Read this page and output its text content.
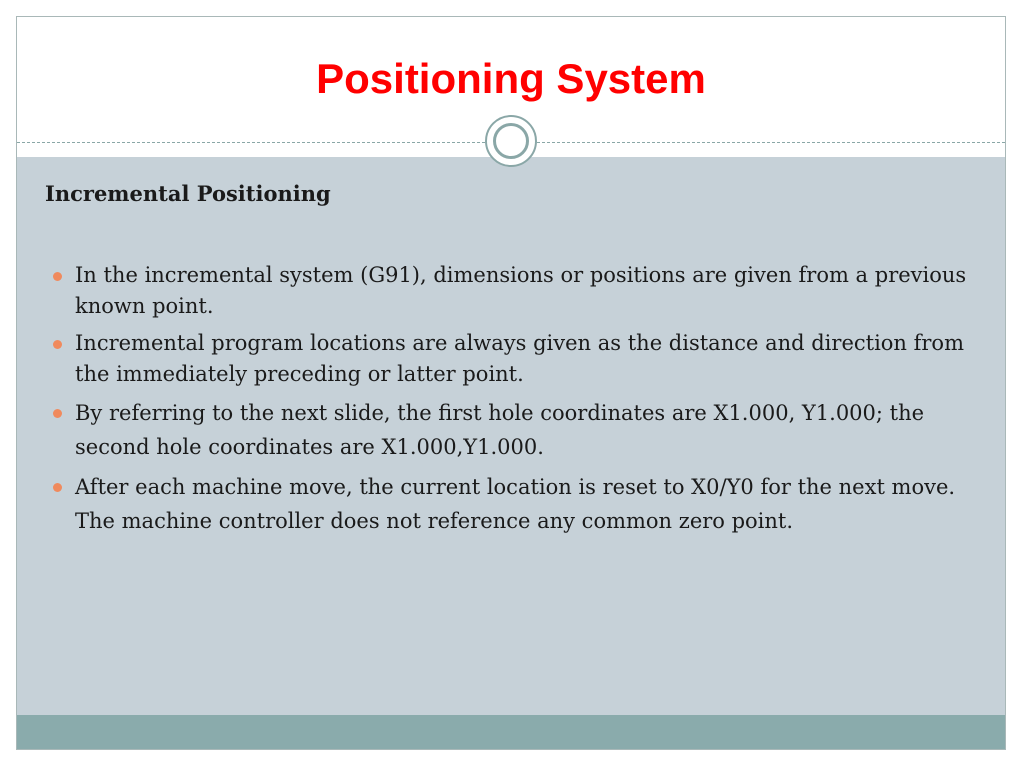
Positioning System
Incremental Positioning
In the incremental system (G91), dimensions or positions are given from a previous known point.
Incremental program locations are always given as the distance and direction from the immediately preceding or latter point.
By referring to the next slide, the first hole coordinates are X1.000, Y1.000; the second hole coordinates are X1.000,Y1.000.
After each machine move, the current location is reset to X0/Y0 for the next move. The machine controller does not reference any common zero point.
